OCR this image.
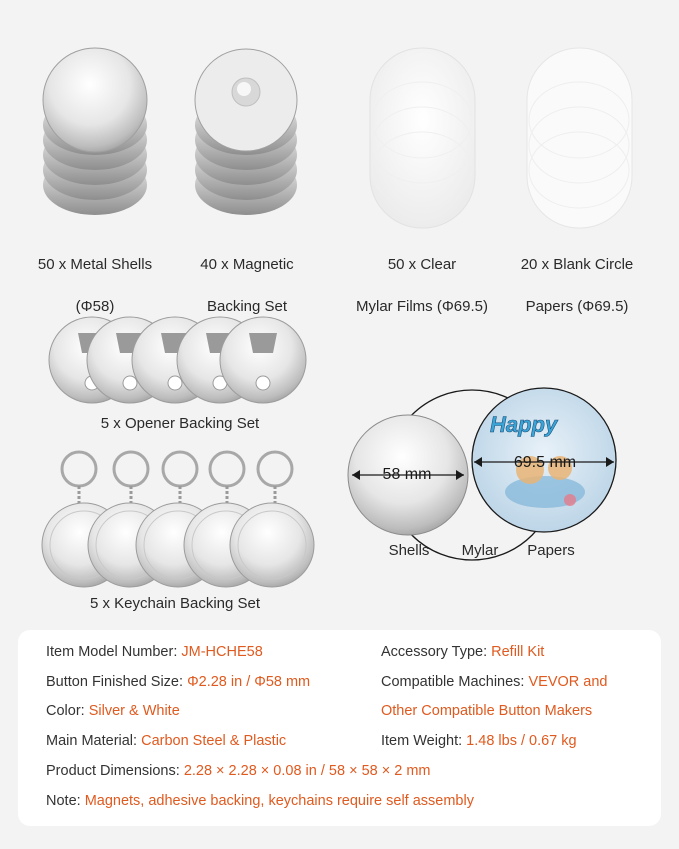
Happy
58 mm
69.5 mm
Shells	Mylar	Papers

50 x Metal Shells

(Φ58)

40 x Magnetic

Backing Set

50 x Clear

Mylar Films (Φ69.5)

20 x Blank Circle

Papers (Φ69.5)

5 x Opener Backing Set
5 x Keychain Backing Set
Item Model Number: JM-HCHE58	Accessory Type: Refill Kit
Button Finished Size: Φ2.28 in / Φ58 mm	Compatible Machines: VEVOR and
Color: Silver & White	Other Compatible Button Makers
Main Material: Carbon Steel & Plastic	Item Weight: 1.48 lbs / 0.67 kg
Product Dimensions: 2.28 × 2.28 × 0.08 in / 58 × 58 × 2 mm
Note: Magnets, adhesive backing, keychains require self assembly
